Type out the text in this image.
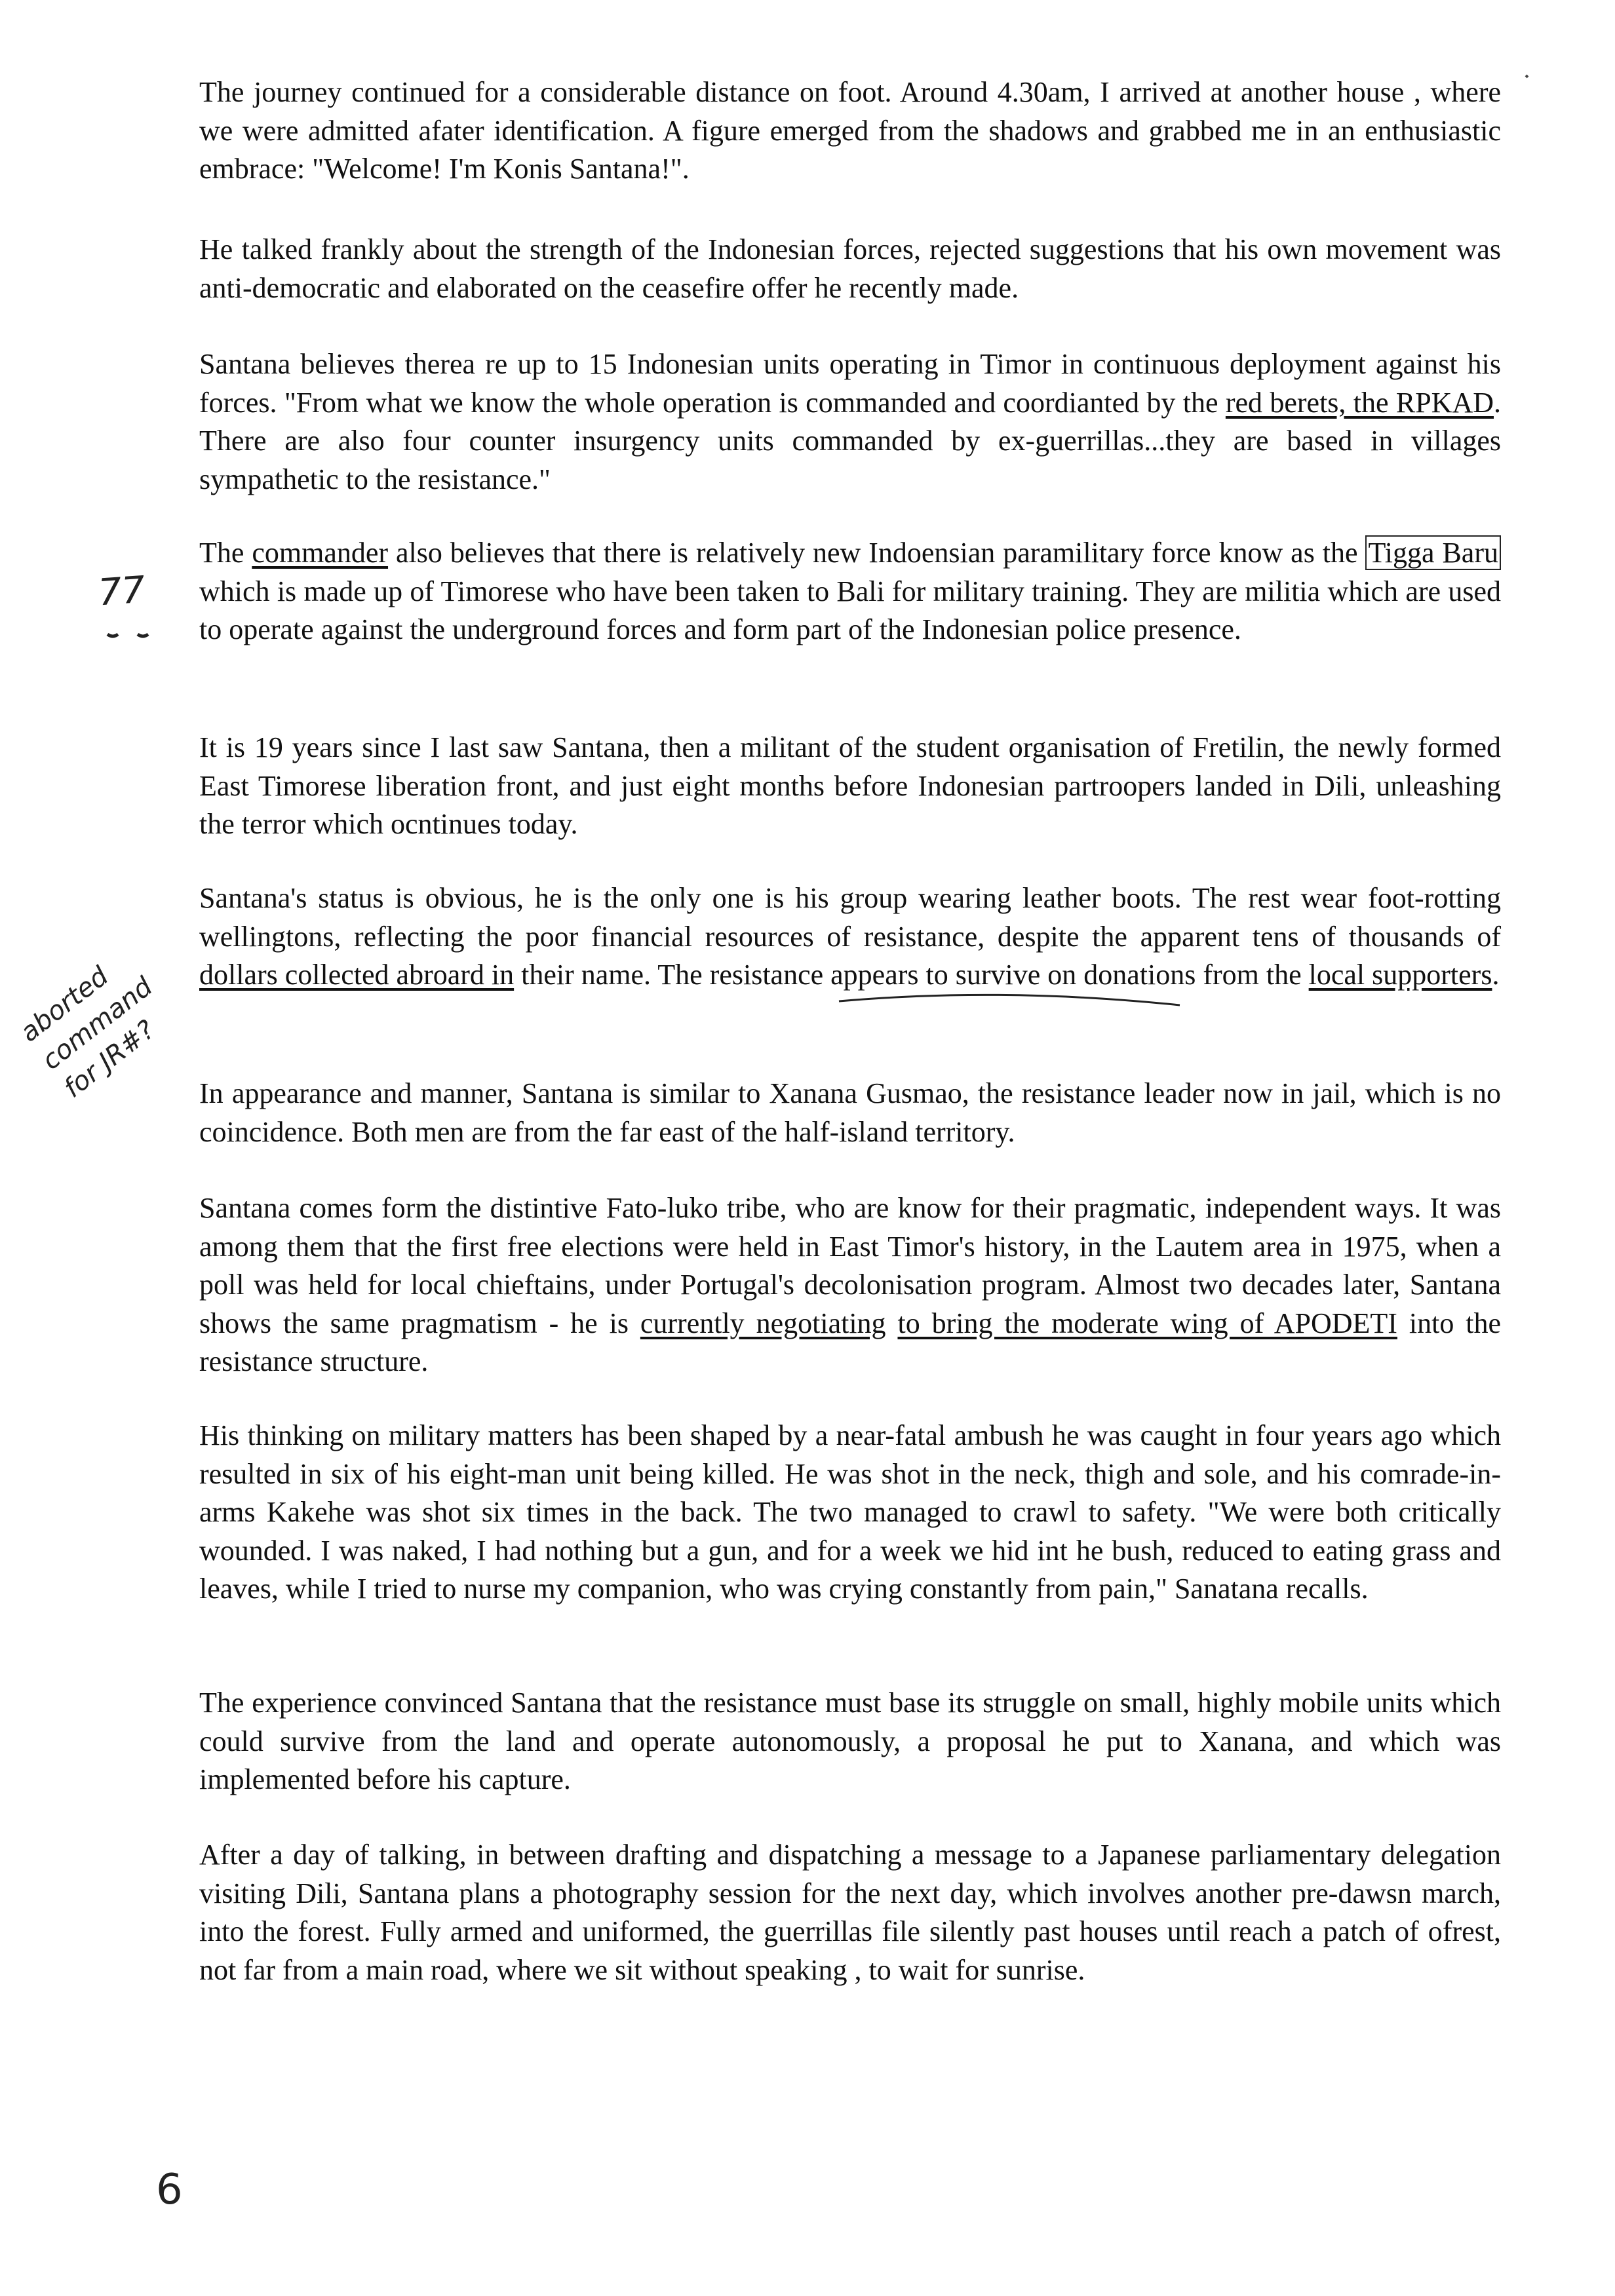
The journey continued for a considerable distance on foot. Around 4.30am, I arrived at another house , where we were admitted afater identification. A figure emerged from the shadows and grabbed me in an enthusiastic embrace: "Welcome! I'm Konis Santana!".

He talked frankly about the strength of the Indonesian forces, rejected suggestions that his own movement was anti-democratic and elaborated on the ceasefire offer he recently made.

Santana believes therea re up to 15 Indonesian units operating in Timor in continuous deployment against his forces. "From what we know the whole operation is commanded and coordianted by the red berets, the RPKAD. There are also four counter insurgency units commanded by ex-guerrillas...they are based in villages sympathetic to the resistance."

The commander also believes that there is relatively new Indoensian paramilitary force know as the Tigga Baru which is made up of Timorese who have been taken to Bali for military training. They are militia which are used to operate against the underground forces and form part of the Indonesian police presence.

It is 19 years since I last saw Santana, then a militant of the student organisation of Fretilin, the newly formed East Timorese liberation front, and just eight months before Indonesian partroopers landed in Dili, unleashing the terror which ocntinues today.

Santana's status is obvious, he is the only one is his group wearing leather boots. The rest wear foot-rotting wellingtons, reflecting the poor financial resources of resistance, despite the apparent tens of thousands of dollars collected abroard in their name. The resistance appears to survive on donations from the local supporters.

In appearance and manner, Santana is similar to Xanana Gusmao, the resistance leader now in jail, which is no coincidence. Both men are from the far east of the half-island territory.

Santana comes form the distintive Fato-luko tribe, who are know for their pragmatic, independent ways. It was among them that the first free elections were held in East Timor's history, in the Lautem area in 1975, when a poll was held for local chieftains, under Portugal's decolonisation program. Almost two decades later, Santana shows the same pragmatism - he is currently negotiating to bring the moderate wing of APODETI into the resistance structure.

His thinking on military matters has been shaped by a near-fatal ambush he was caught in four years ago which resulted in six of his eight-man unit being killed. He was shot in the neck, thigh and sole, and his comrade-in-arms Kakehe was shot six times in the back. The two managed to crawl to safety. "We were both critically wounded. I was naked, I had nothing but a gun, and for a week we hid int he bush, reduced to eating grass and leaves, while I tried to nurse my companion, who was crying constantly from pain," Sanatana recalls.

The experience convinced Santana that the resistance must base its struggle on small, highly mobile units which could survive from the land and operate autonomously, a proposal he put to Xanana, and which was implemented before his capture.

After a day of talking, in between drafting and dispatching a message to a Japanese parliamentary delegation visiting Dili, Santana plans a photography session for the next day, which involves another pre-dawsn march, into the forest. Fully armed and uniformed, the guerrillas file silently past houses until reach a patch of ofrest, not far from a main road, where we sit without speaking , to wait for sunrise.

77
aborted command for JR#?
6
